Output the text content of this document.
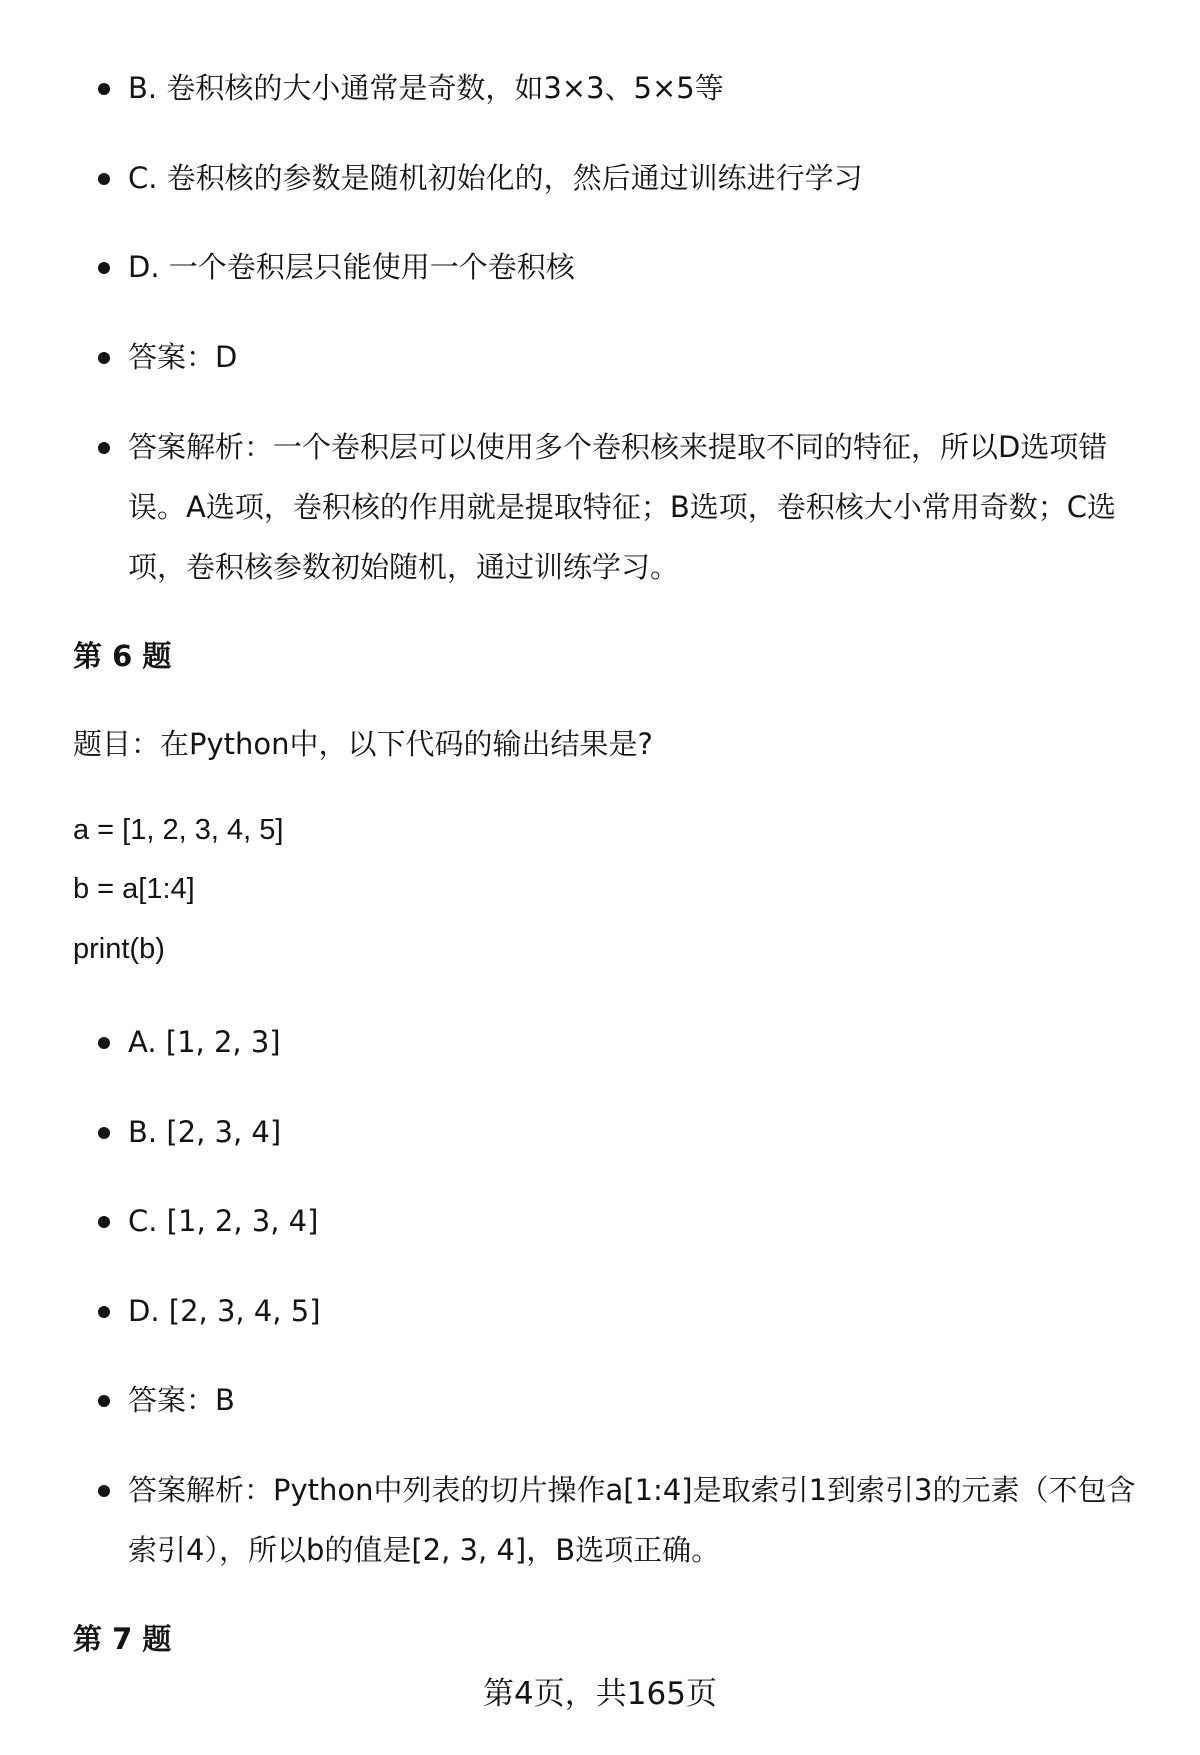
B. 卷积核的大小通常是奇数，如3×3、5×5等
C. 卷积核的参数是随机初始化的，然后通过训练进行学习
D. 一个卷积层只能使用一个卷积核
答案：D
答案解析：一个卷积层可以使用多个卷积核来提取不同的特征，所以D选项错误。A选项，卷积核的作用就是提取特征；B选项，卷积核大小常用奇数；C选项，卷积核参数初始随机，通过训练学习。
第 6 题
题目：在Python中，以下代码的输出结果是?
a = [1, 2, 3, 4, 5]
b = a[1:4]
print(b)
A. [1, 2, 3]
B. [2, 3, 4]
C. [1, 2, 3, 4]
D. [2, 3, 4, 5]
答案：B
答案解析：Python中列表的切片操作a[1:4]是取索引1到索引3的元素（不包含索引4），所以b的值是[2, 3, 4]，B选项正确。
第 7 题
第4页，共165页
